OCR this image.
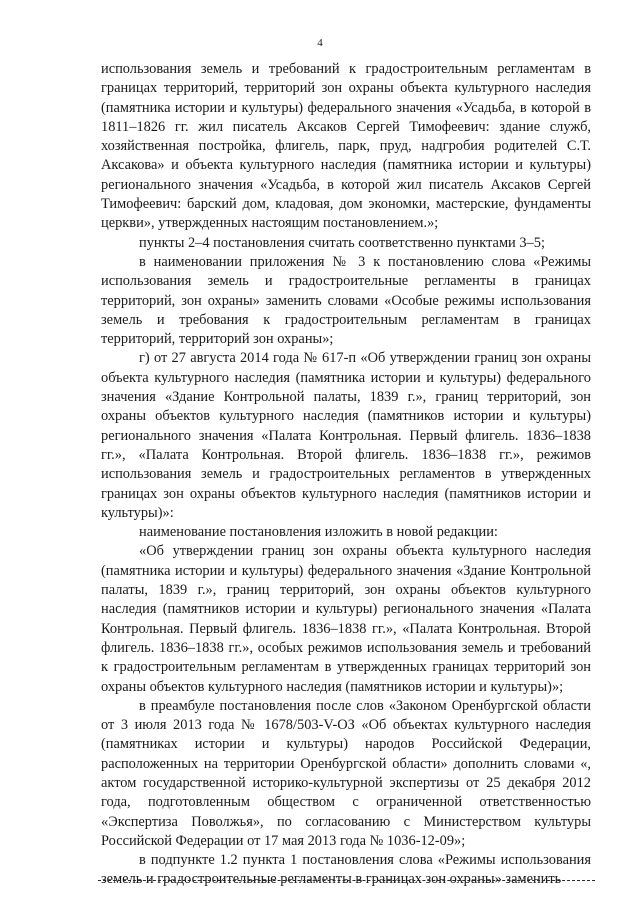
4

использования земель и требований к градостроительным регламентам в границах территорий, территорий зон охраны объекта культурного наследия (памятника истории и культуры) федерального значения «Усадьба, в которой в 1811–1826 гг. жил писатель Аксаков Сергей Тимофеевич: здание служб, хозяйственная постройка, флигель, парк, пруд, надгробия родителей С.Т. Аксакова» и объекта культурного наследия (памятника истории и культуры) регионального значения «Усадьба, в которой жил писатель Аксаков Сергей Тимофеевич: барский дом, кладовая, дом экономки, мастерские, фундаменты церкви», утвержденных настоящим постановлением.»;

пункты 2–4 постановления считать соответственно пунктами 3–5;

в наименовании приложения № 3 к постановлению слова «Режимы использования земель и градостроительные регламенты в границах территорий, зон охраны» заменить словами «Особые режимы использования земель и требования к градостроительным регламентам в границах территорий, территорий зон охраны»;

г) от 27 августа 2014 года № 617-п «Об утверждении границ зон охраны объекта культурного наследия (памятника истории и культуры) федерального значения «Здание Контрольной палаты, 1839 г.», границ территорий, зон охраны объектов культурного наследия (памятников истории и культуры) регионального значения «Палата Контрольная. Первый флигель. 1836–1838 гг.», «Палата Контрольная. Второй флигель. 1836–1838 гг.», режимов использования земель и градостроительных регламентов в утвержденных границах зон охраны объектов культурного наследия (памятников истории и культуры)»:

наименование постановления изложить в новой редакции:

«Об утверждении границ зон охраны объекта культурного наследия (памятника истории и культуры) федерального значения «Здание Контрольной палаты, 1839 г.», границ территорий, зон охраны объектов культурного наследия (памятников истории и культуры) регионального значения «Палата Контрольная. Первый флигель. 1836–1838 гг.», «Палата Контрольная. Второй флигель. 1836–1838 гг.», особых режимов использования земель и требований к градостроительным регламентам в утвержденных границах территорий зон охраны объектов культурного наследия (памятников истории и культуры)»;

в преамбуле постановления после слов «Законом Оренбургской области от 3 июля 2013 года № 1678/503-V-ОЗ «Об объектах культурного наследия (памятниках истории и культуры) народов Российской Федерации, расположенных на территории Оренбургской области» дополнить словами «, актом государственной историко-культурной экспертизы от 25 декабря 2012 года, подготовленным обществом с ограниченной ответственностью «Экспертиза Поволжья», по согласованию с Министерством культуры Российской Федерации от 17 мая 2013 года № 1036-12-09»;

в подпункте 1.2 пункта 1 постановления слова «Режимы использования земель и градостроительные регламенты в границах зон охраны» заменить
